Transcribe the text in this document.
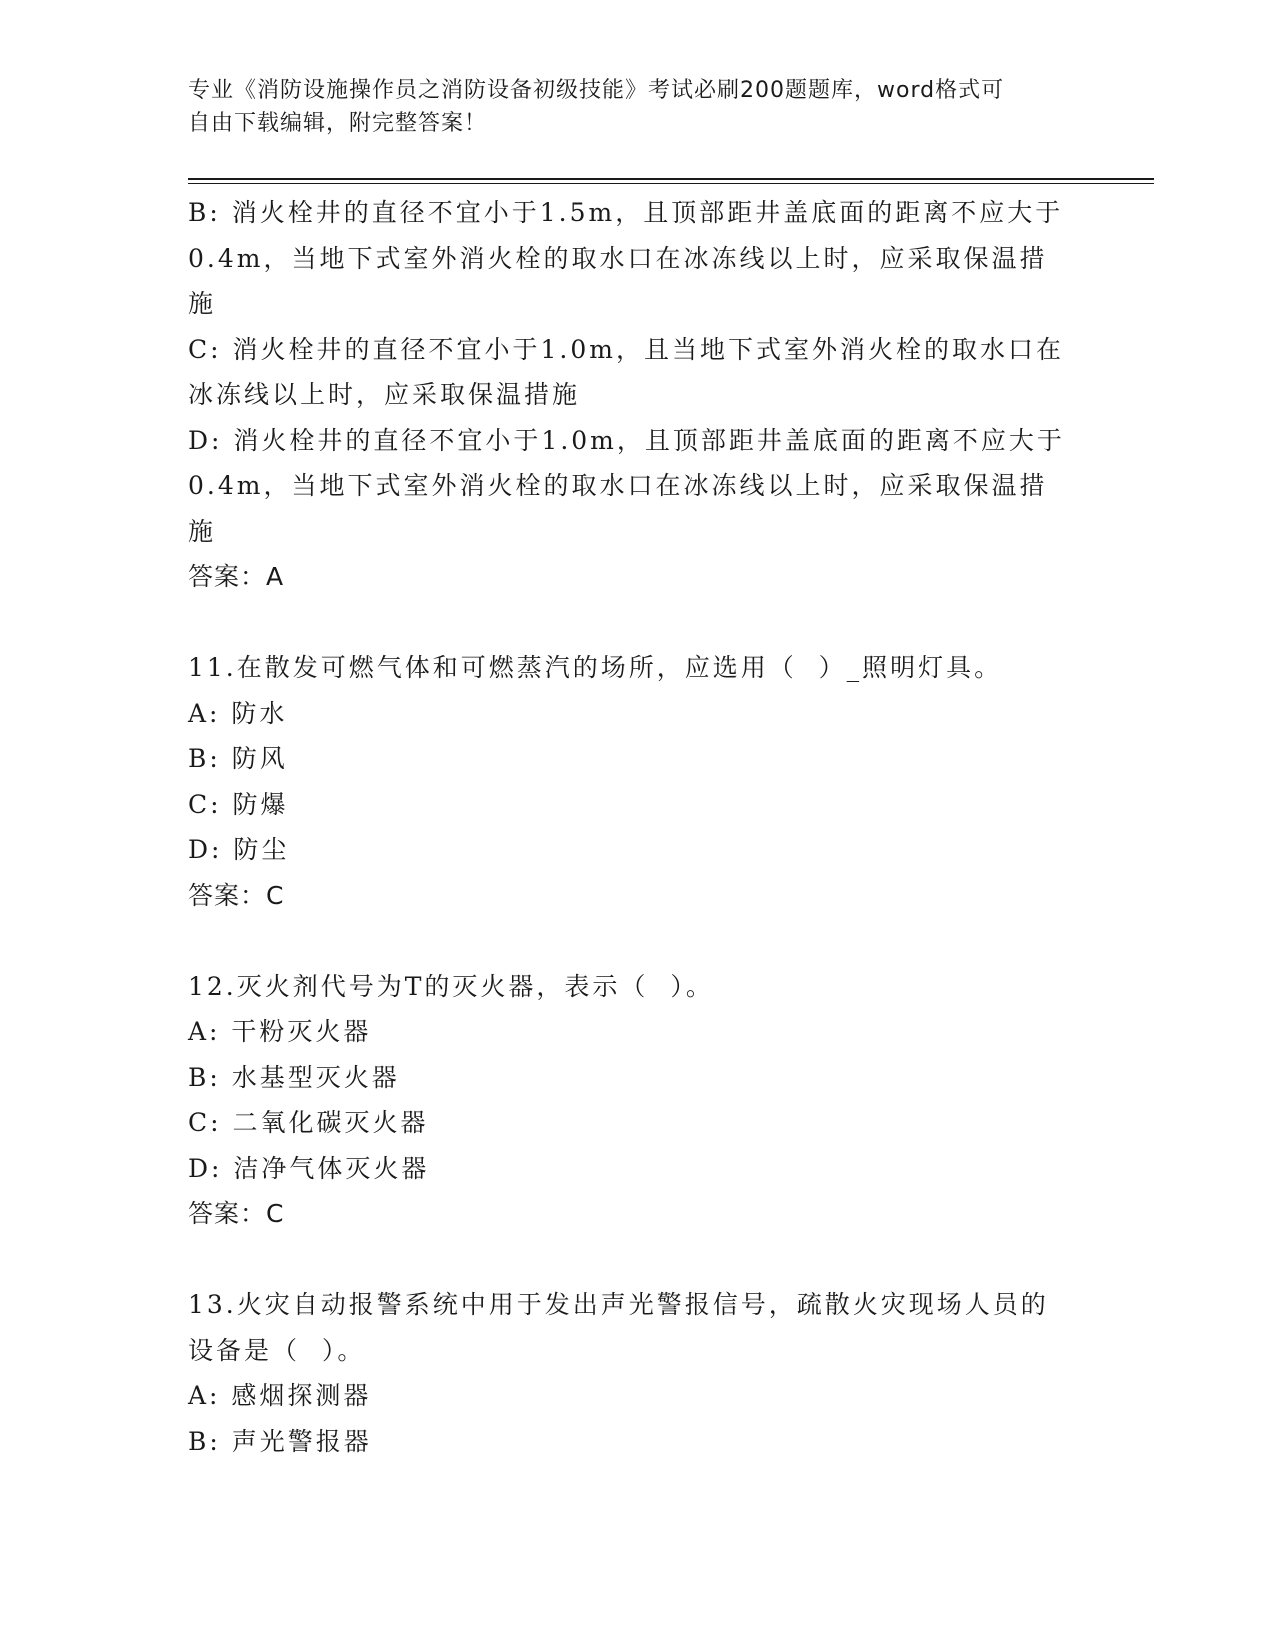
专业《消防设施操作员之消防设备初级技能》考试必刷200题题库，word格式可
自由下载编辑，附完整答案！
B: 消火栓井的直径不宜小于1.5m，且顶部距井盖底面的距离不应大于
0.4m，当地下式室外消火栓的取水口在冰冻线以上时，应采取保温措
施
C: 消火栓井的直径不宜小于1.0m，且当地下式室外消火栓的取水口在
冰冻线以上时，应采取保温措施
D: 消火栓井的直径不宜小于1.0m，且顶部距井盖底面的距离不应大于
0.4m，当地下式室外消火栓的取水口在冰冻线以上时，应采取保温措
施
答案：A
11.在散发可燃气体和可燃蒸汽的场所，应选用（  ）_照明灯具。
A: 防水
B: 防风
C: 防爆
D: 防尘
答案：C
12.灭火剂代号为T的灭火器，表示（  ）。
A: 干粉灭火器
B: 水基型灭火器
C: 二氧化碳灭火器
D: 洁净气体灭火器
答案：C
13.火灾自动报警系统中用于发出声光警报信号，疏散火灾现场人员的
设备是（  ）。
A: 感烟探测器
B: 声光警报器
